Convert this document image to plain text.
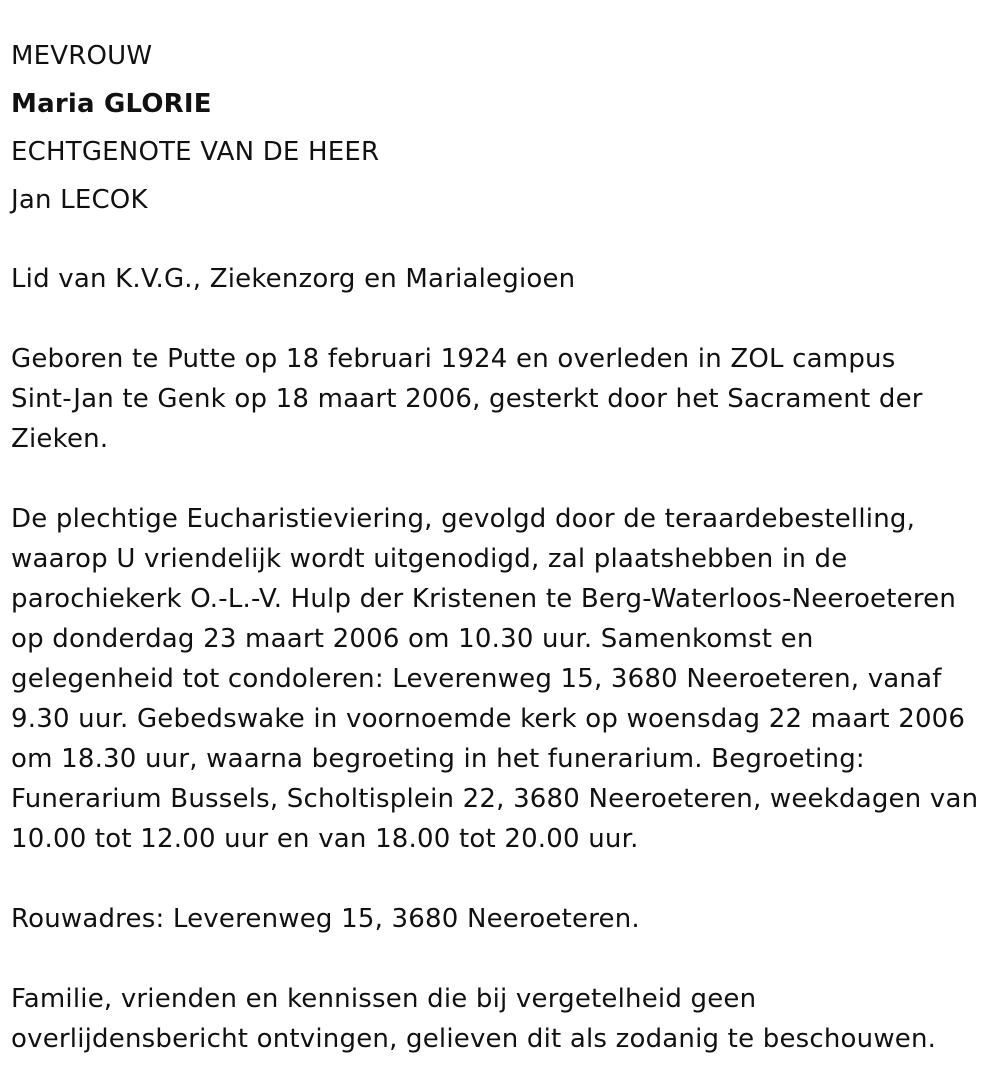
MEVROUW

Maria GLORIE

ECHTGENOTE VAN DE HEER

Jan LECOK

Lid van K.V.G., Ziekenzorg en Marialegioen

Geboren te Putte op 18 februari 1924 en overleden in ZOL campus

Sint-Jan te Genk op 18 maart 2006, gesterkt door het Sacrament der

Zieken.

De plechtige Eucharistieviering, gevolgd door de teraardebestelling,

waarop U vriendelijk wordt uitgenodigd, zal plaatshebben in de

parochiekerk O.-L.-V. Hulp der Kristenen te Berg-Waterloos-Neeroeteren

op donderdag 23 maart 2006 om 10.30 uur. Samenkomst en

gelegenheid tot condoleren: Leverenweg 15, 3680 Neeroeteren, vanaf

9.30 uur. Gebedswake in voornoemde kerk op woensdag 22 maart 2006

om 18.30 uur, waarna begroeting in het funerarium. Begroeting:

Funerarium Bussels, Scholtisplein 22, 3680 Neeroeteren, weekdagen van

10.00 tot 12.00 uur en van 18.00 tot 20.00 uur.

Rouwadres: Leverenweg 15, 3680 Neeroeteren.

Familie, vrienden en kennissen die bij vergetelheid geen

overlijdensbericht ontvingen, gelieven dit als zodanig te beschouwen.
